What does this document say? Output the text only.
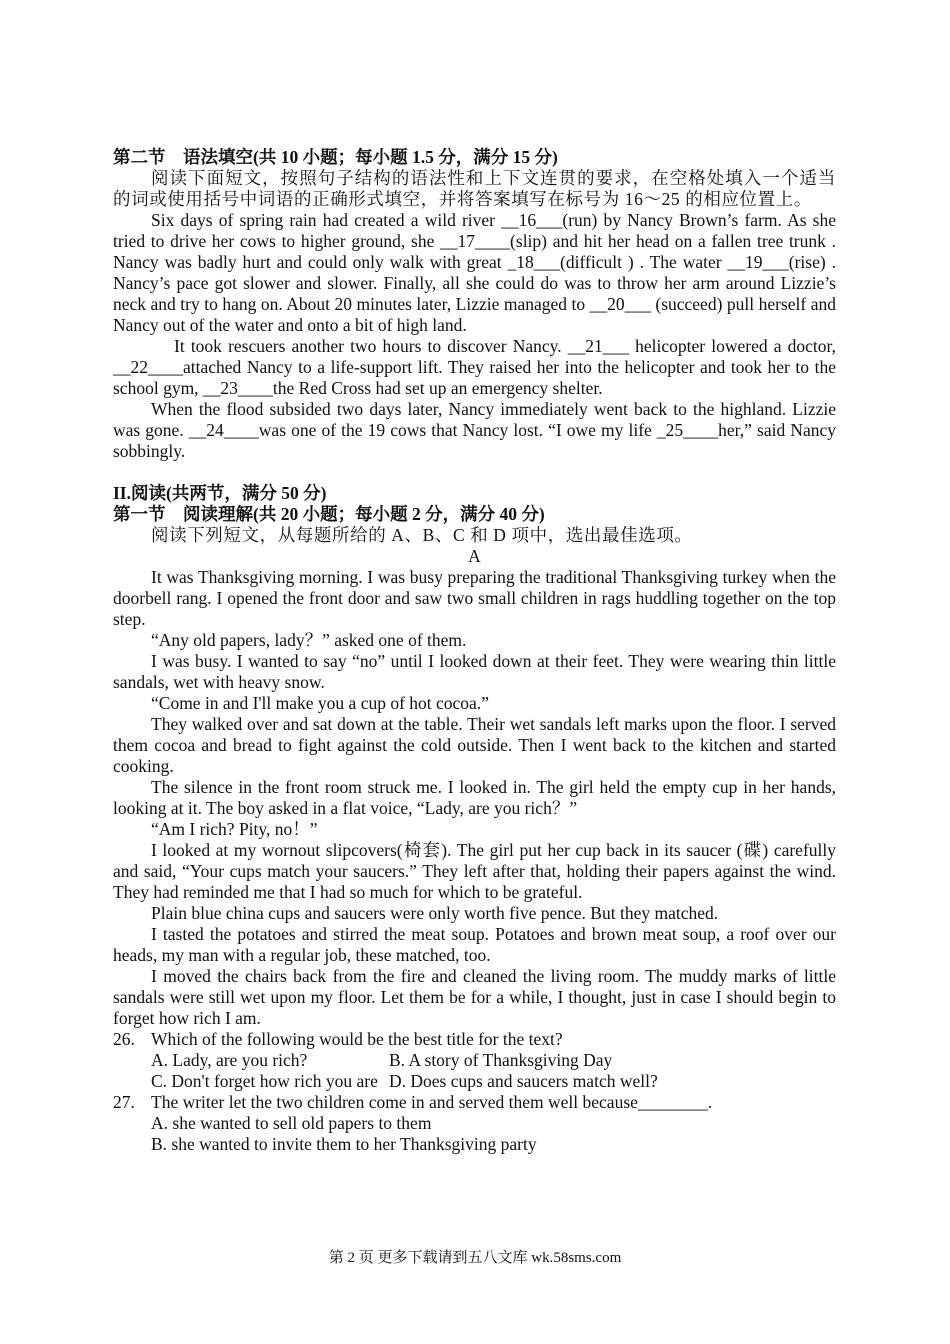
第二节　语法填空(共 10 小题；每小题 1.5 分，满分 15 分)

阅读下面短文，按照句子结构的语法性和上下文连贯的要求，在空格处填入一个适当的词或使用括号中词语的正确形式填空，并将答案填写在标号为 16～25 的相应位置上。

Six days of spring rain had created a wild river __16___(run) by Nancy Brown’s farm. As she tried to drive her cows to higher ground, she __17____(slip) and hit her head on a fallen tree trunk . Nancy was badly hurt and could only walk with great _18___(difficult ) . The water __19___(rise) . Nancy’s pace got slower and slower. Finally, all she could do was to throw her arm around Lizzie’s neck and try to hang on. About 20 minutes later, Lizzie managed to __20___ (succeed) pull herself and Nancy out of the water and onto a bit of high land.

It took rescuers another two hours to discover Nancy. __21___ helicopter lowered a doctor, __22____attached Nancy to a life-support lift. They raised her into the helicopter and took her to the school gym, __23____the Red Cross had set up an emergency shelter.

When the flood subsided two days later, Nancy immediately went back to the highland. Lizzie was gone. __24____was one of the 19 cows that Nancy lost. “I owe my life _25____her,” said Nancy sobbingly.

II.阅读(共两节，满分 50 分)

第一节　阅读理解(共 20 小题；每小题 2 分，满分 40 分)

阅读下列短文，从每题所给的 A、B、C 和 D 项中，选出最佳选项。

A

It was Thanksgiving morning. I was busy preparing the traditional Thanksgiving turkey when the doorbell rang. I opened the front door and saw two small children in rags huddling together on the top step.

“Any old papers, lady？” asked one of them.

I was busy. I wanted to say “no” until I looked down at their feet. They were wearing thin little sandals, wet with heavy snow.

“Come in and I'll make you a cup of hot cocoa.”

They walked over and sat down at the table. Their wet sandals left marks upon the floor. I served them cocoa and bread to fight against the cold outside. Then I went back to the kitchen and started cooking.

The silence in the front room struck me. I looked in. The girl held the empty cup in her hands, looking at it. The boy asked in a flat voice, “Lady, are you rich？”

“Am I rich? Pity, no！”

I looked at my wornout slipcovers(椅套). The girl put her cup back in its saucer (碟) carefully and said, “Your cups match your saucers.” They left after that, holding their papers against the wind. They had reminded me that I had so much for which to be grateful.

Plain blue china cups and saucers were only worth five pence. But they matched.

I tasted the potatoes and stirred the meat soup. Potatoes and brown meat soup, a roof over our heads, my man with a regular job, these matched, too.

I moved the chairs back from the fire and cleaned the living room. The muddy marks of little sandals were still wet upon my floor. Let them be for a while, I thought, just in case I should begin to forget how rich I am.

26. Which of the following would be the best title for the text?

A. Lady, are you rich?	B. A story of Thanksgiving Day

C. Don't forget how rich you are D. Does cups and saucers match well?

27. The writer let the two children come in and served them well because________.

A. she wanted to sell old papers to them

B. she wanted to invite them to her Thanksgiving party

第 2 页 更多下载请到五八文库 wk.58sms.com
